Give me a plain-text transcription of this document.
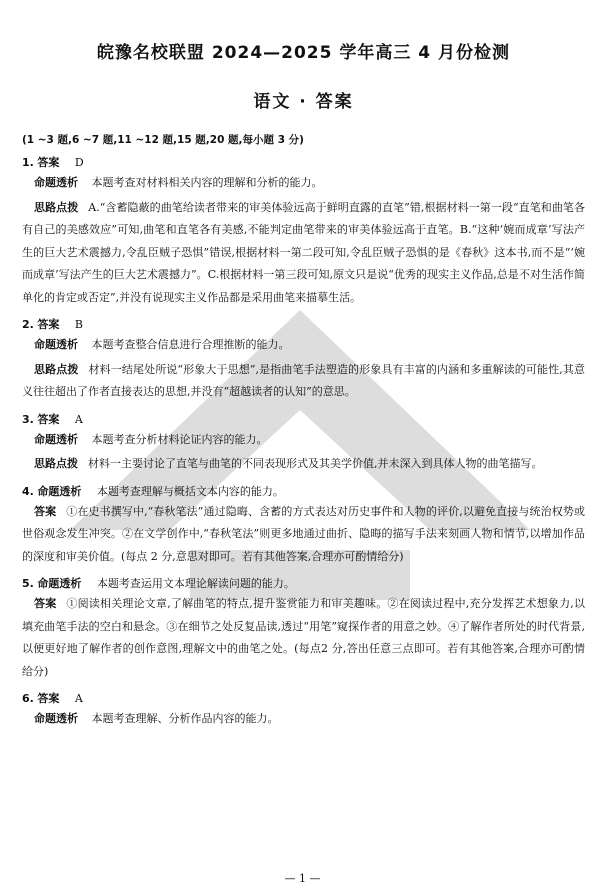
皖豫名校联盟 2024—2025 学年高三 4 月份检测
语文 · 答案
(1 ~3 题,6 ~7 题,11 ~12 题,15 题,20 题,每小题 3 分)
1. 答案 D
命题透析 本题考查对材料相关内容的理解和分析的能力。
思路点拨 A.“含蓄隐蔽的曲笔给读者带来的审美体验远高于鲜明直露的直笔”错,根据材料一第一段“直笔和曲笔各有自己的美感效应”可知,曲笔和直笔各有美感,不能判定曲笔带来的审美体验远高于直笔。B.“这种‘婉而成章’写法产生的巨大艺术震撼力,令乱臣贼子恐惧”错误,根据材料一第二段可知,令乱臣贼子恐惧的是《春秋》这本书,而不是“‘婉而成章’写法产生的巨大艺术震撼力”。C.根据材料一第三段可知,原文只是说“优秀的现实主义作品,总是不对生活作简单化的肯定或否定”,并没有说现实主义作品都是采用曲笔来描摹生活。
2. 答案 B
命题透析 本题考查整合信息进行合理推断的能力。
思路点拨 材料一结尾处所说“形象大于思想”,是指曲笔手法塑造的形象具有丰富的内涵和多重解读的可能性,其意义往往超出了作者直接表达的思想,并没有“超越读者的认知”的意思。
3. 答案 A
命题透析 本题考查分析材料论证内容的能力。
思路点拨 材料一主要讨论了直笔与曲笔的不同表现形式及其美学价值,并未深入到具体人物的曲笔描写。
4. 命题透析 本题考查理解与概括文本内容的能力。
答案 ①在史书撰写中,“春秋笔法”通过隐晦、含蓄的方式表达对历史事件和人物的评价,以避免直接与统治权势或世俗观念发生冲突。②在文学创作中,“春秋笔法”则更多地通过曲折、隐晦的描写手法来刻画人物和情节,以增加作品的深度和审美价值。(每点 2 分,意思对即可。若有其他答案,合理亦可酌情给分)
5. 命题透析 本题考查运用文本理论解读问题的能力。
答案 ①阅读相关理论文章,了解曲笔的特点,提升鉴赏能力和审美趣味。②在阅读过程中,充分发挥艺术想象力,以填充曲笔手法的空白和悬念。③在细节之处反复品读,透过“用笔”窥探作者的用意之妙。④了解作者所处的时代背景,以便更好地了解作者的创作意图,理解文中的曲笔之处。(每点2 分,答出任意三点即可。若有其他答案,合理亦可酌情给分)
6. 答案 A
命题透析 本题考查理解、分析作品内容的能力。
— 1 —
